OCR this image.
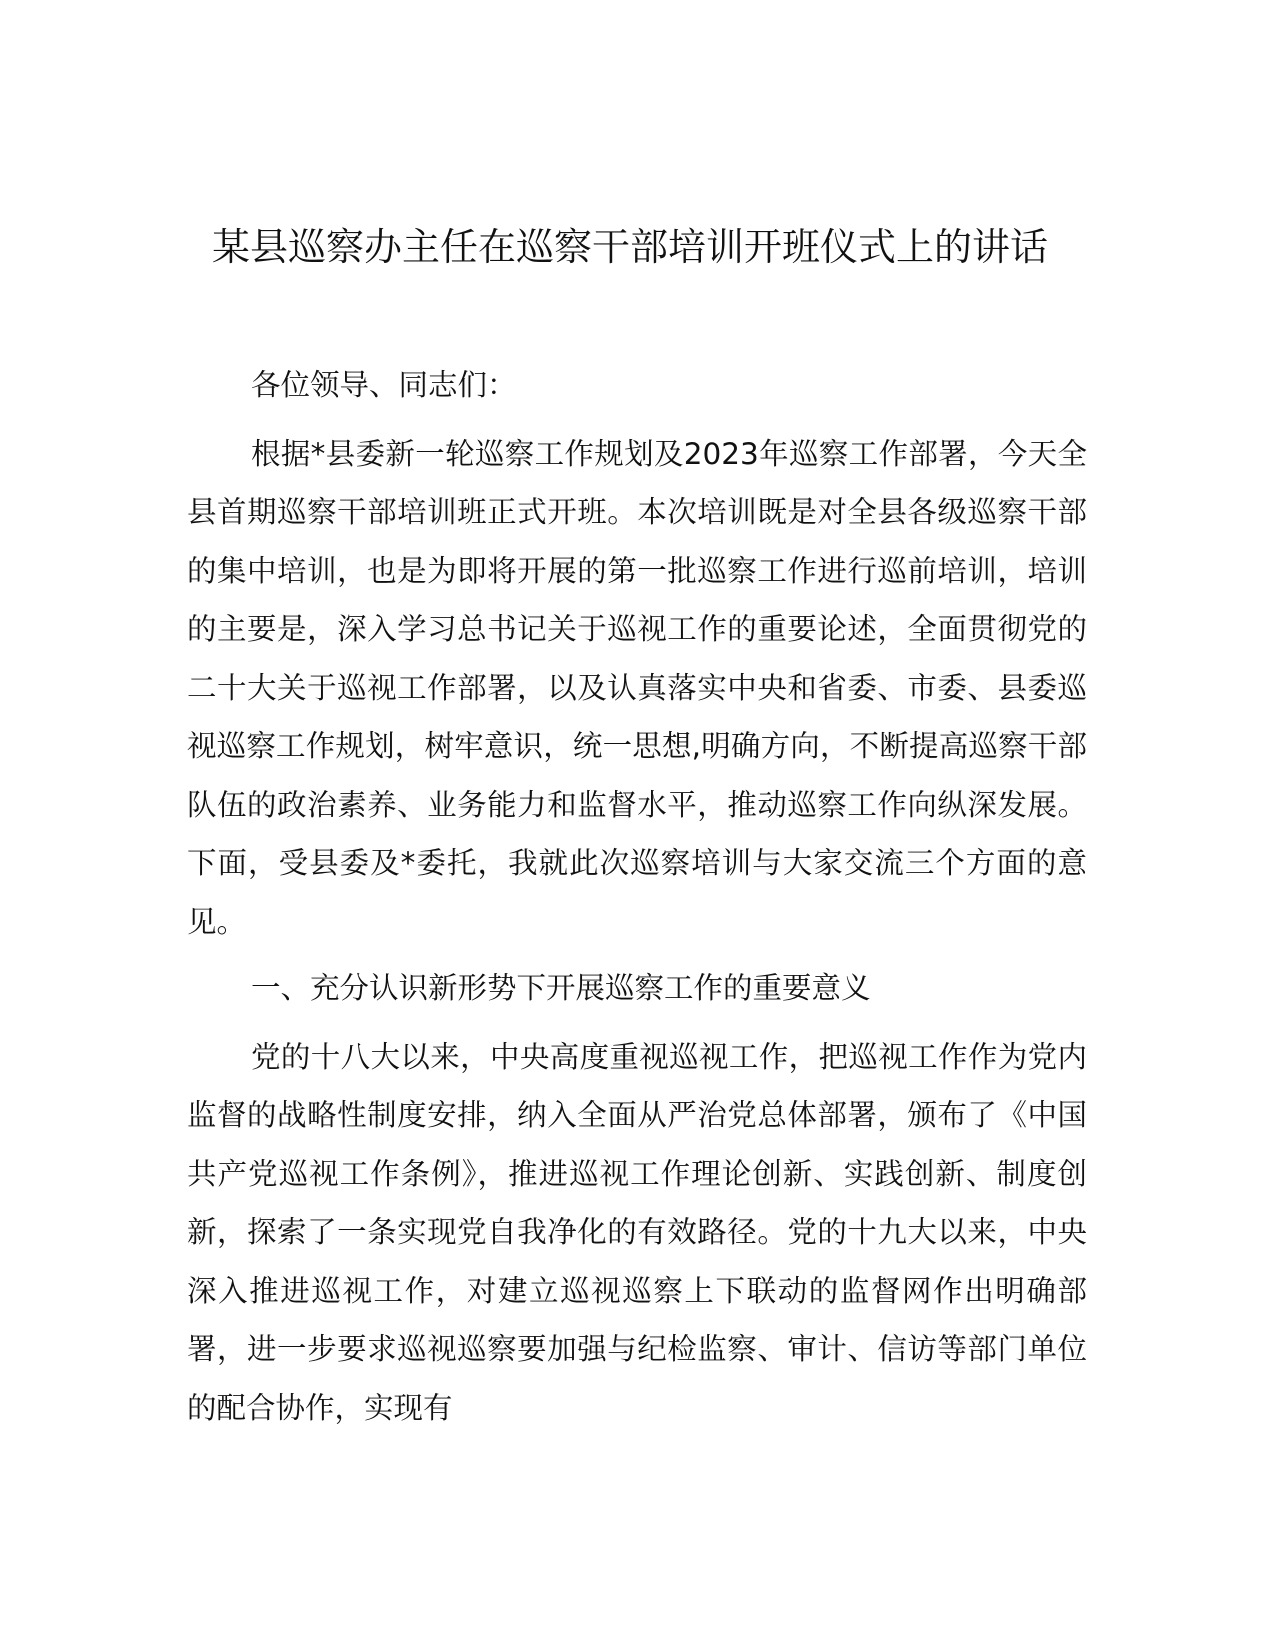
某县巡察办主任在巡察干部培训开班仪式上的讲话

各位领导、同志们：

根据*县委新一轮巡察工作规划及2023年巡察工作部署，今天全县首期巡察干部培训班正式开班。本次培训既是对全县各级巡察干部的集中培训，也是为即将开展的第一批巡察工作进行巡前培训，培训的主要是，深入学习总书记关于巡视工作的重要论述，全面贯彻党的二十大关于巡视工作部署，以及认真落实中央和省委、市委、县委巡视巡察工作规划，树牢意识，统一思想,明确方向，不断提高巡察干部队伍的政治素养、业务能力和监督水平，推动巡察工作向纵深发展。下面，受县委及*委托，我就此次巡察培训与大家交流三个方面的意见。

一、充分认识新形势下开展巡察工作的重要意义

党的十八大以来，中央高度重视巡视工作，把巡视工作作为党内监督的战略性制度安排，纳入全面从严治党总体部署，颁布了《中国共产党巡视工作条例》，推进巡视工作理论创新、实践创新、制度创新，探索了一条实现党自我净化的有效路径。党的十九大以来，中央深入推进巡视工作，对建立巡视巡察上下联动的监督网作出明确部署，进一步要求巡视巡察要加强与纪检监察、审计、信访等部门单位的配合协作，实现有
